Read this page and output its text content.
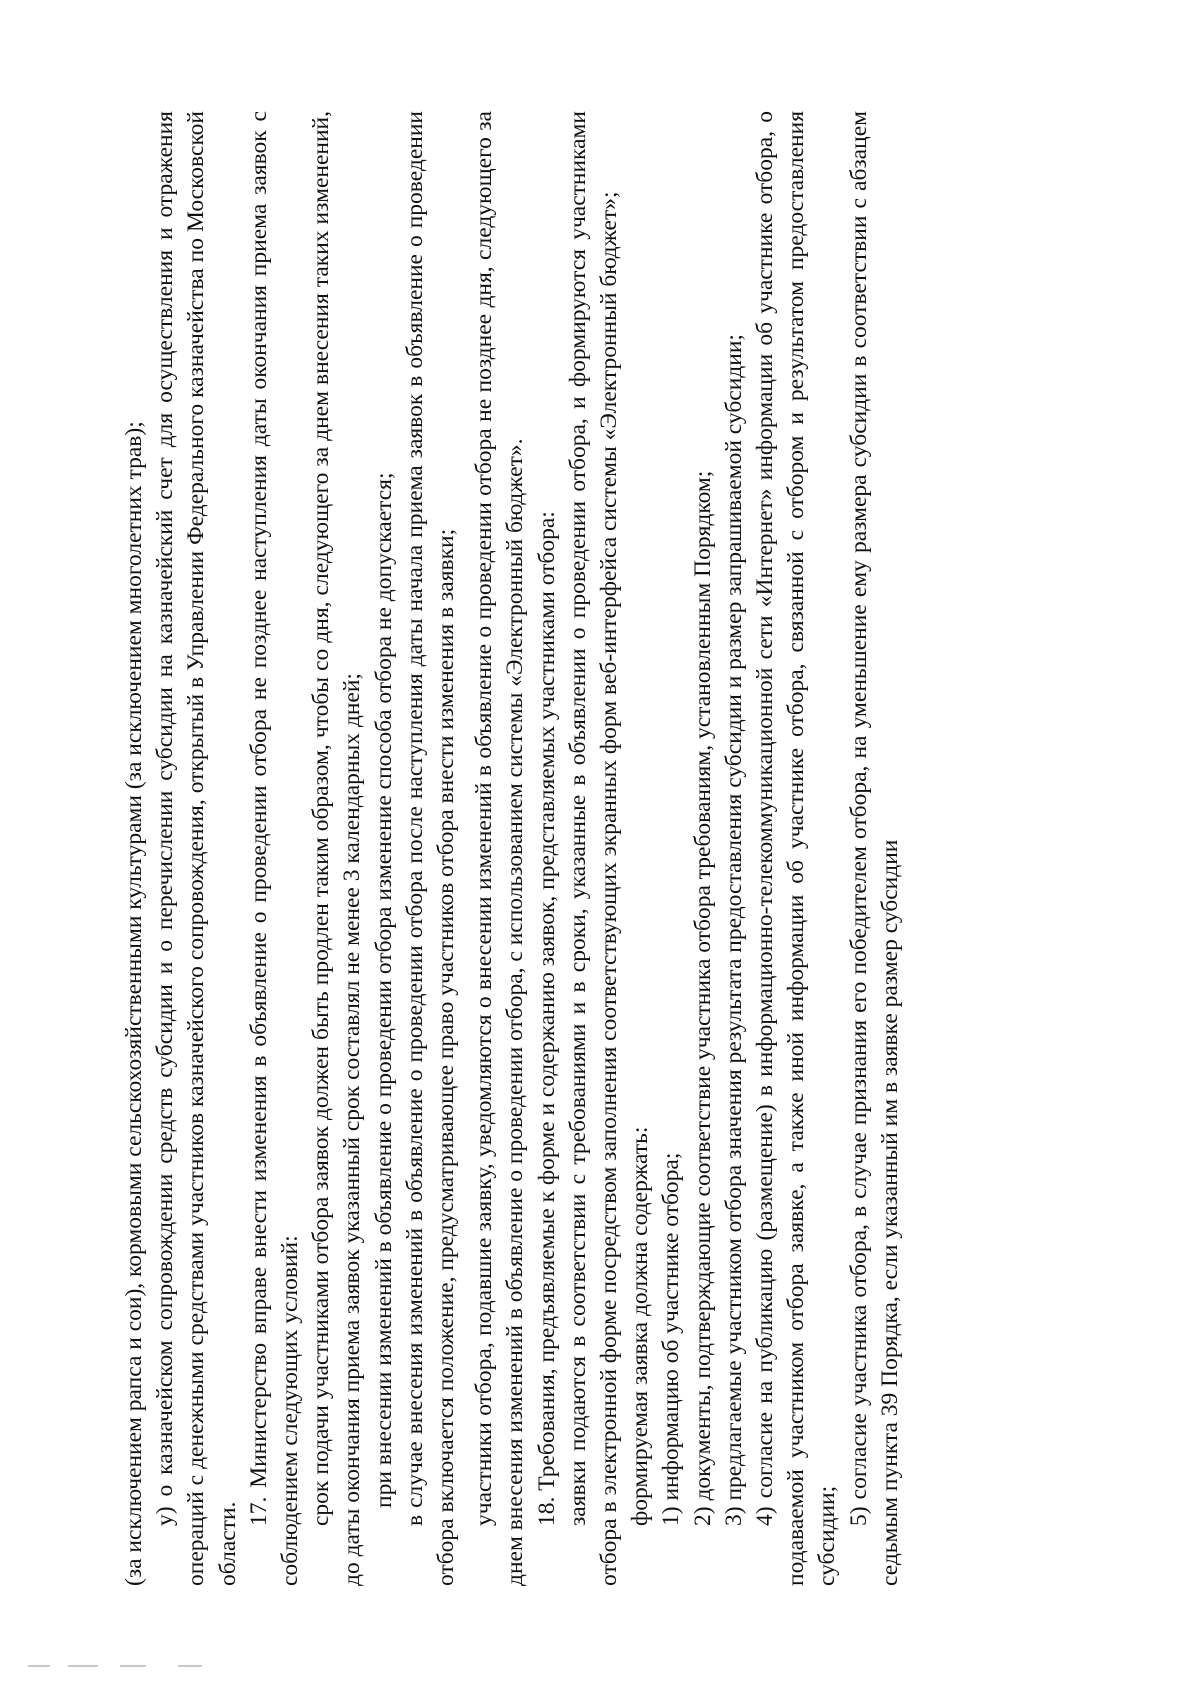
(за исключением рапса и сои), кормовыми сельскохозяйственными культурами (за исключением многолетних трав); у) о казначейском сопровождении средств субсидии и о перечислении субсидии на казначейский счет для осуществления и отражения операций с денежными средствами участников казначейского сопровождения, открытый в Управлении Федерального казначейства по Московской области.

17. Министерство вправе внести изменения в объявление о проведении отбора не позднее наступления даты окончания приема заявок с соблюдением следующих условий: срок подачи участниками отбора заявок должен быть продлен таким образом, чтобы со дня, следующего за днем внесения таких изменений, до даты окончания приема заявок указанный срок составлял не менее 3 календарных дней; при внесении изменений в объявление о проведении отбора изменение способа отбора не допускается; в случае внесения изменений в объявление о проведении отбора после наступления даты начала приема заявок в объявление о проведении отбора включается положение, предусматривающее право участников отбора внести изменения в заявки; участники отбора, подавшие заявку, уведомляются о внесении изменений в объявление о проведении отбора не позднее дня, следующего за днем внесения изменений в объявление о проведении отбора, с использованием системы «Электронный бюджет». 18. Требования, предъявляемые к форме и содержанию заявок, представляемых участниками отбора: заявки подаются в соответствии с требованиями и в сроки, указанные в объявлении о проведении отбора, и формируются участниками отбора в электронной форме посредством заполнения соответствующих экранных форм веб-интерфейса системы «Электронный бюджет»; формируемая заявка должна содержать: 1) информацию об участнике отбора; 2) документы, подтверждающие соответствие участника отбора требованиям, установленным Порядком; 3) предлагаемые участником отбора значения результата предоставления субсидии и размер запрашиваемой субсидии; 4) согласие на публикацию (размещение) в информационно-телекоммуникационной сети «Интернет» информации об участнике отбора, о подаваемой участником отбора заявке, а также иной информации об участнике отбора, связанной с отбором и результатом предоставления субсидии;

5) согласие участника отбора, в случае признания его победителем отбора, на уменьшение ему размера субсидии в соответствии с абзацем седьмым пункта 39 Порядка, если указанный им в заявке размер субсидии
